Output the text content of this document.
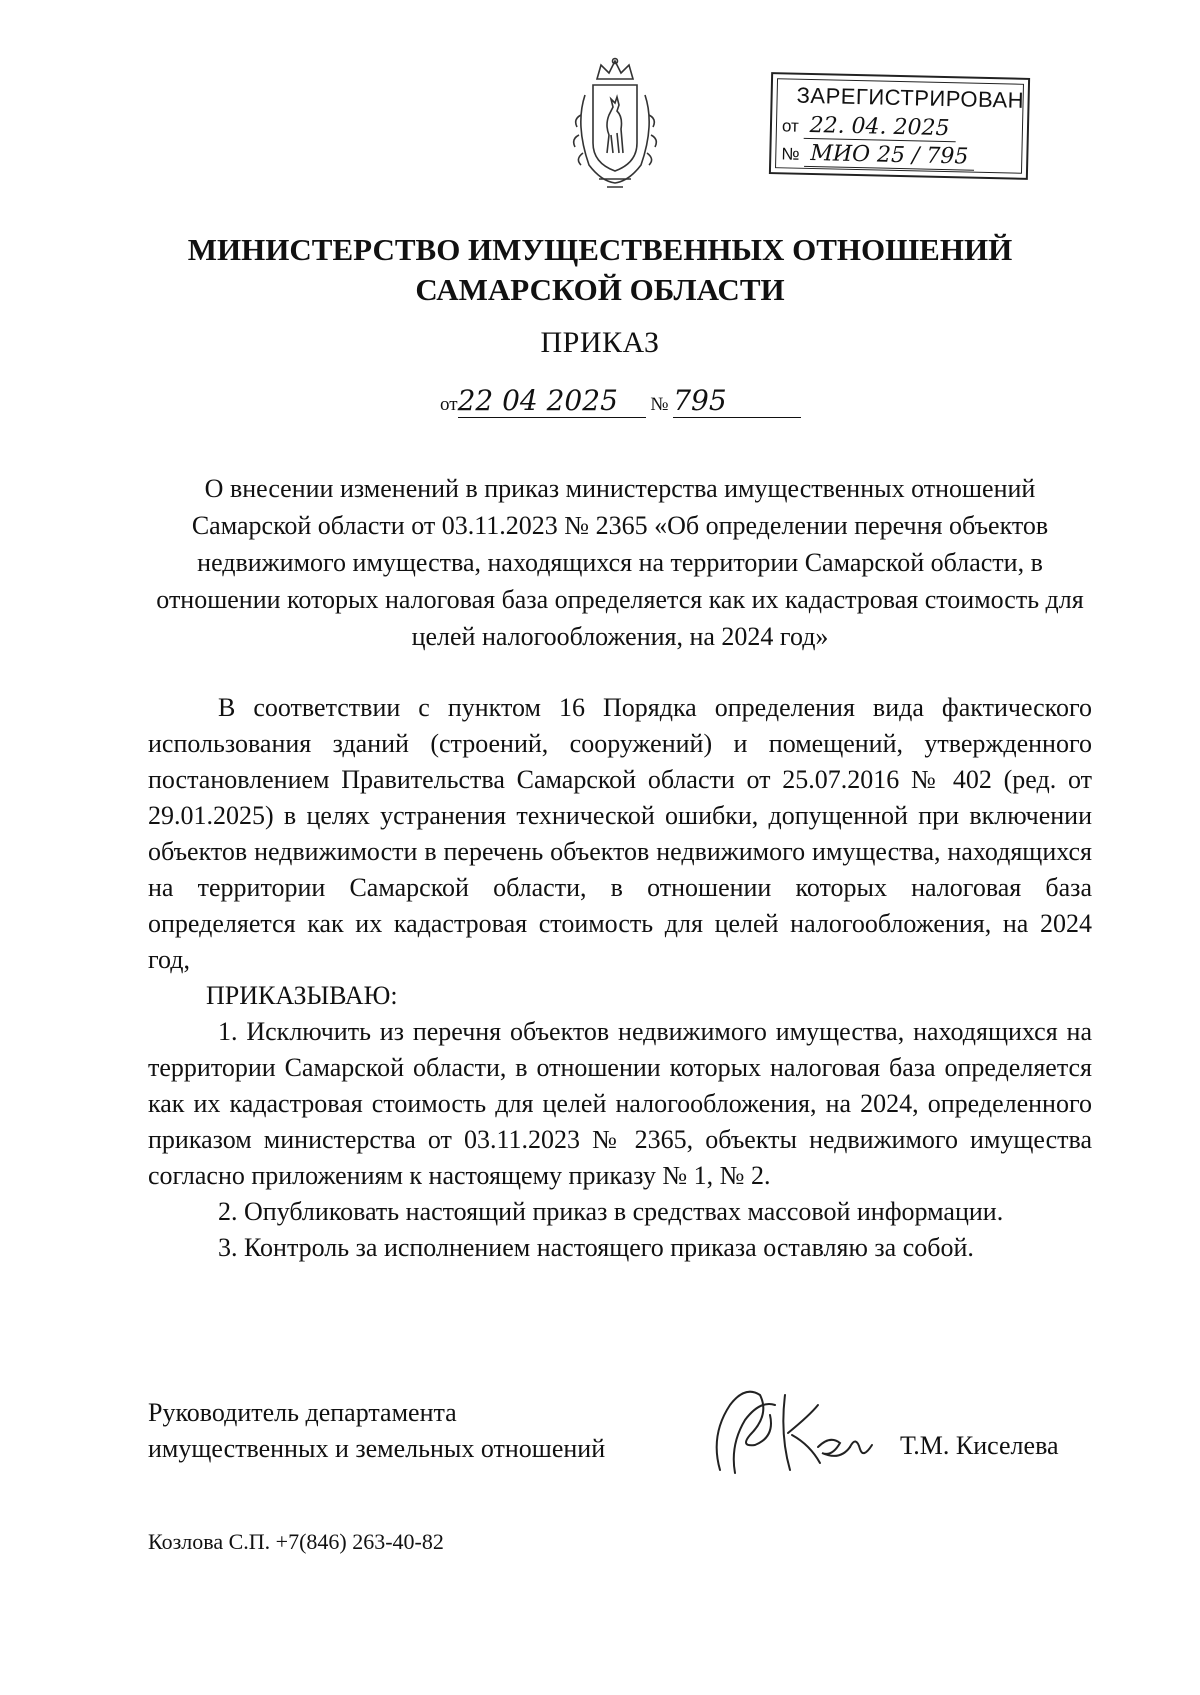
ЗАРЕГИСТРИРОВАН
от 22. 04. 2025
№ МИО 25 / 795
МИНИСТЕРСТВО ИМУЩЕСТВЕННЫХ ОТНОШЕНИЙ
САМАРСКОЙ ОБЛАСТИ
ПРИКАЗ
от22 04 2025 № 795
О внесении изменений в приказ министерства имущественных отношений Самарской области от 03.11.2023 № 2365 «Об определении перечня объектов недвижимого имущества, находящихся на территории Самарской области, в отношении которых налоговая база определяется как их кадастровая стоимость для целей налогообложения, на 2024 год»

В соответствии с пунктом 16 Порядка определения вида фактического использования зданий (строений, сооружений) и помещений, утвержденного постановлением Правительства Самарской области от 25.07.2016 № 402 (ред. от 29.01.2025) в целях устранения технической ошибки, допущенной при включении объектов недвижимости в перечень объектов недвижимого имущества, находящихся на территории Самарской области, в отношении которых налоговая база определяется как их кадастровая стоимость для целей налогообложения, на 2024 год,

ПРИКАЗЫВАЮ:

1. Исключить из перечня объектов недвижимого имущества, находящихся на территории Самарской области, в отношении которых налоговая база определяется как их кадастровая стоимость для целей налогообложения, на 2024, определенного приказом министерства от 03.11.2023 № 2365, объекты недвижимого имущества согласно приложениям к настоящему приказу № 1, № 2.

2. Опубликовать настоящий приказ в средствах массовой информации.

3. Контроль за исполнением настоящего приказа оставляю за собой.

Руководитель департамента
имущественных и земельных отношений	Т.М. Киселева
Козлова С.П. +7(846) 263-40-82
